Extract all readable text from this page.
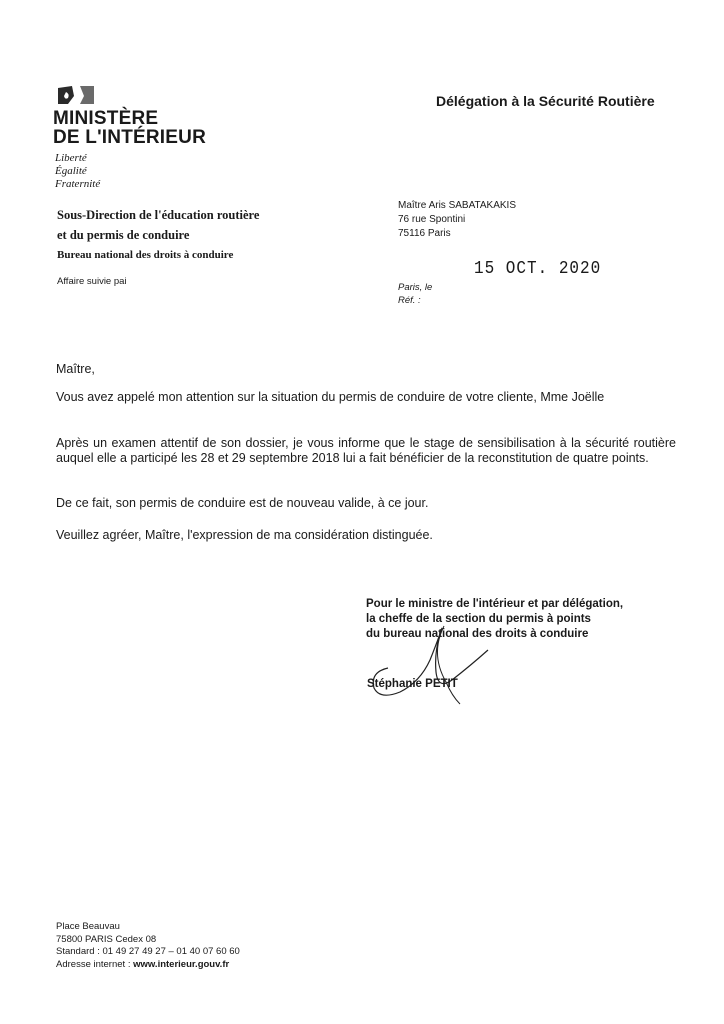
MINISTÈRE
DE L'INTÉRIEUR
Liberté
Égalité
Fraternité
Délégation à la Sécurité Routière
Sous-Direction de l'éducation routière
et du permis de conduire
Bureau national des droits à conduire
Maître Aris SABATAKAKIS
76 rue Spontini
75116 Paris
15 OCT. 2020
Affaire suivie pai
Paris, le
Réf. :
Maître,
Vous avez appelé mon attention sur la situation du permis de conduire de votre cliente, Mme Joëlle
Après un examen attentif de son dossier, je vous informe que le stage de sensibilisation à la sécurité routière auquel elle a participé les 28 et 29 septembre 2018 lui a fait bénéficier de la reconstitution de quatre points.
De ce fait, son permis de conduire est de nouveau valide, à ce jour.
Veuillez agréer, Maître, l'expression de ma considération distinguée.
Pour le ministre de l'intérieur et par délégation,
la cheffe de la section du permis à points
du bureau national des droits à conduire
Stéphanie PETIT
Place Beauvau
75800 PARIS Cedex 08
Standard : 01 49 27 49 27 – 01 40 07 60 60
Adresse internet : www.interieur.gouv.fr
